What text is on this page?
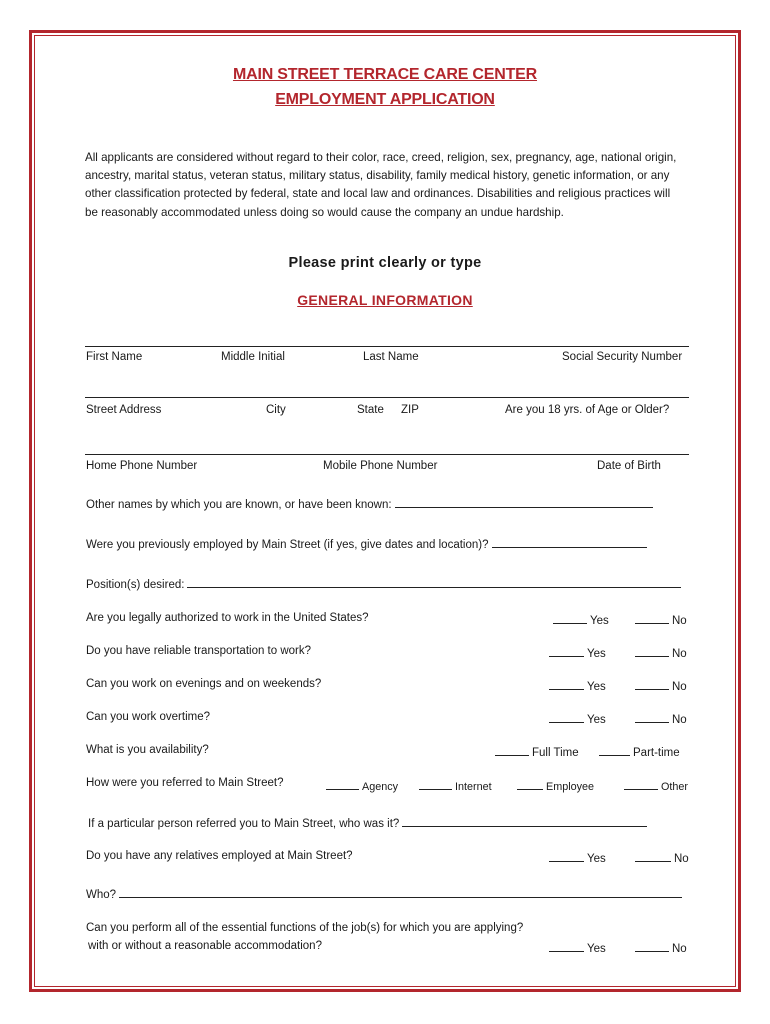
MAIN STREET TERRACE CARE CENTER
EMPLOYMENT APPLICATION

All applicants are considered without regard to their color, race, creed, religion, sex, pregnancy, age, national origin, ancestry, marital status, veteran status, military status, disability, family medical history, genetic information, or any other classification protected by federal, state and local law and ordinances. Disabilities and religious practices will be reasonably accommodated unless doing so would cause the company an undue hardship.

Please print clearly or type
GENERAL INFORMATION
First Name	Middle Initial	Last Name	Social Security Number
Street Address	City	State ZIP	Are you 18 yrs. of Age or Older?
Home Phone Number	Mobile Phone Number	Date of Birth
Other names by which you are known, or have been known:
Were you previously employed by Main Street (if yes, give dates and location)?
Position(s) desired:
Are you legally authorized to work in the United States?	Yes	No
Do you have reliable transportation to work?	Yes	No
Can you work on evenings and on weekends?	Yes	No
Can you work overtime?	Yes	No
What is you availability?	Full Time	Part-time
How were you referred to Main Street?	Agency	Internet	Employee	Other
If a particular person referred you to Main Street, who was it?
Do you have any relatives employed at Main Street?	Yes	No
Who?
Can you perform all of the essential functions of the job(s) for which you are applying?
with or without a reasonable accommodation?	Yes	No
